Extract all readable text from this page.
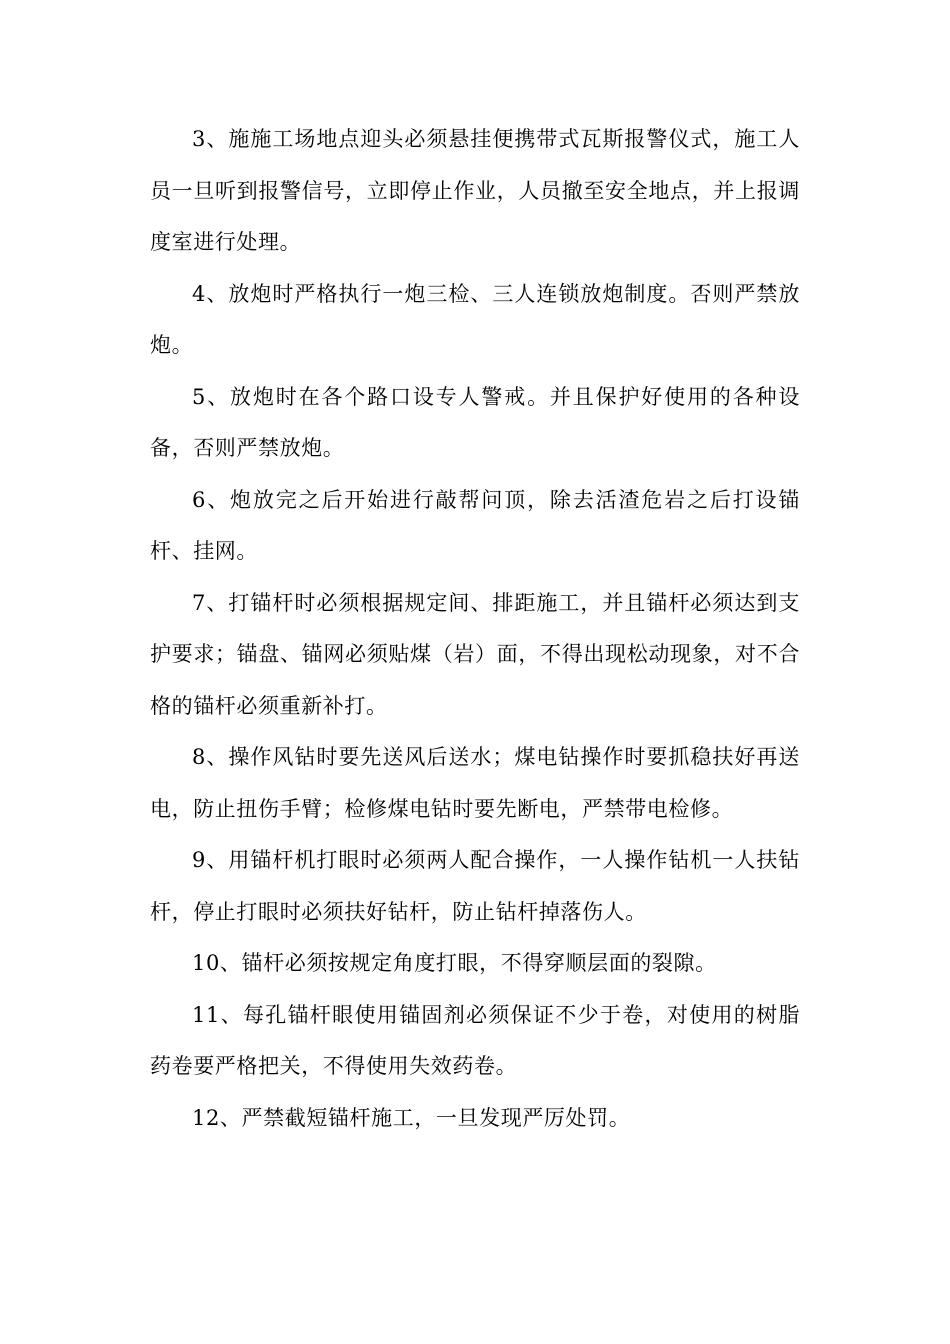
3、施施工场地点迎头必须悬挂便携带式瓦斯报警仪式，施工人员一旦听到报警信号，立即停止作业，人员撤至安全地点，并上报调度室进行处理。

4、放炮时严格执行一炮三检、三人连锁放炮制度。否则严禁放炮。

5、放炮时在各个路口设专人警戒。并且保护好使用的各种设备，否则严禁放炮。

6、炮放完之后开始进行敲帮问顶，除去活渣危岩之后打设锚杆、挂网。

7、打锚杆时必须根据规定间、排距施工，并且锚杆必须达到支护要求；锚盘、锚网必须贴煤（岩）面，不得出现松动现象，对不合格的锚杆必须重新补打。

8、操作风钻时要先送风后送水；煤电钻操作时要抓稳扶好再送电，防止扭伤手臂；检修煤电钻时要先断电，严禁带电检修。

9、用锚杆机打眼时必须两人配合操作，一人操作钻机一人扶钻杆，停止打眼时必须扶好钻杆，防止钻杆掉落伤人。

10、锚杆必须按规定角度打眼，不得穿顺层面的裂隙。

11、每孔锚杆眼使用锚固剂必须保证不少于卷，对使用的树脂药卷要严格把关，不得使用失效药卷。

12、严禁截短锚杆施工，一旦发现严厉处罚。
